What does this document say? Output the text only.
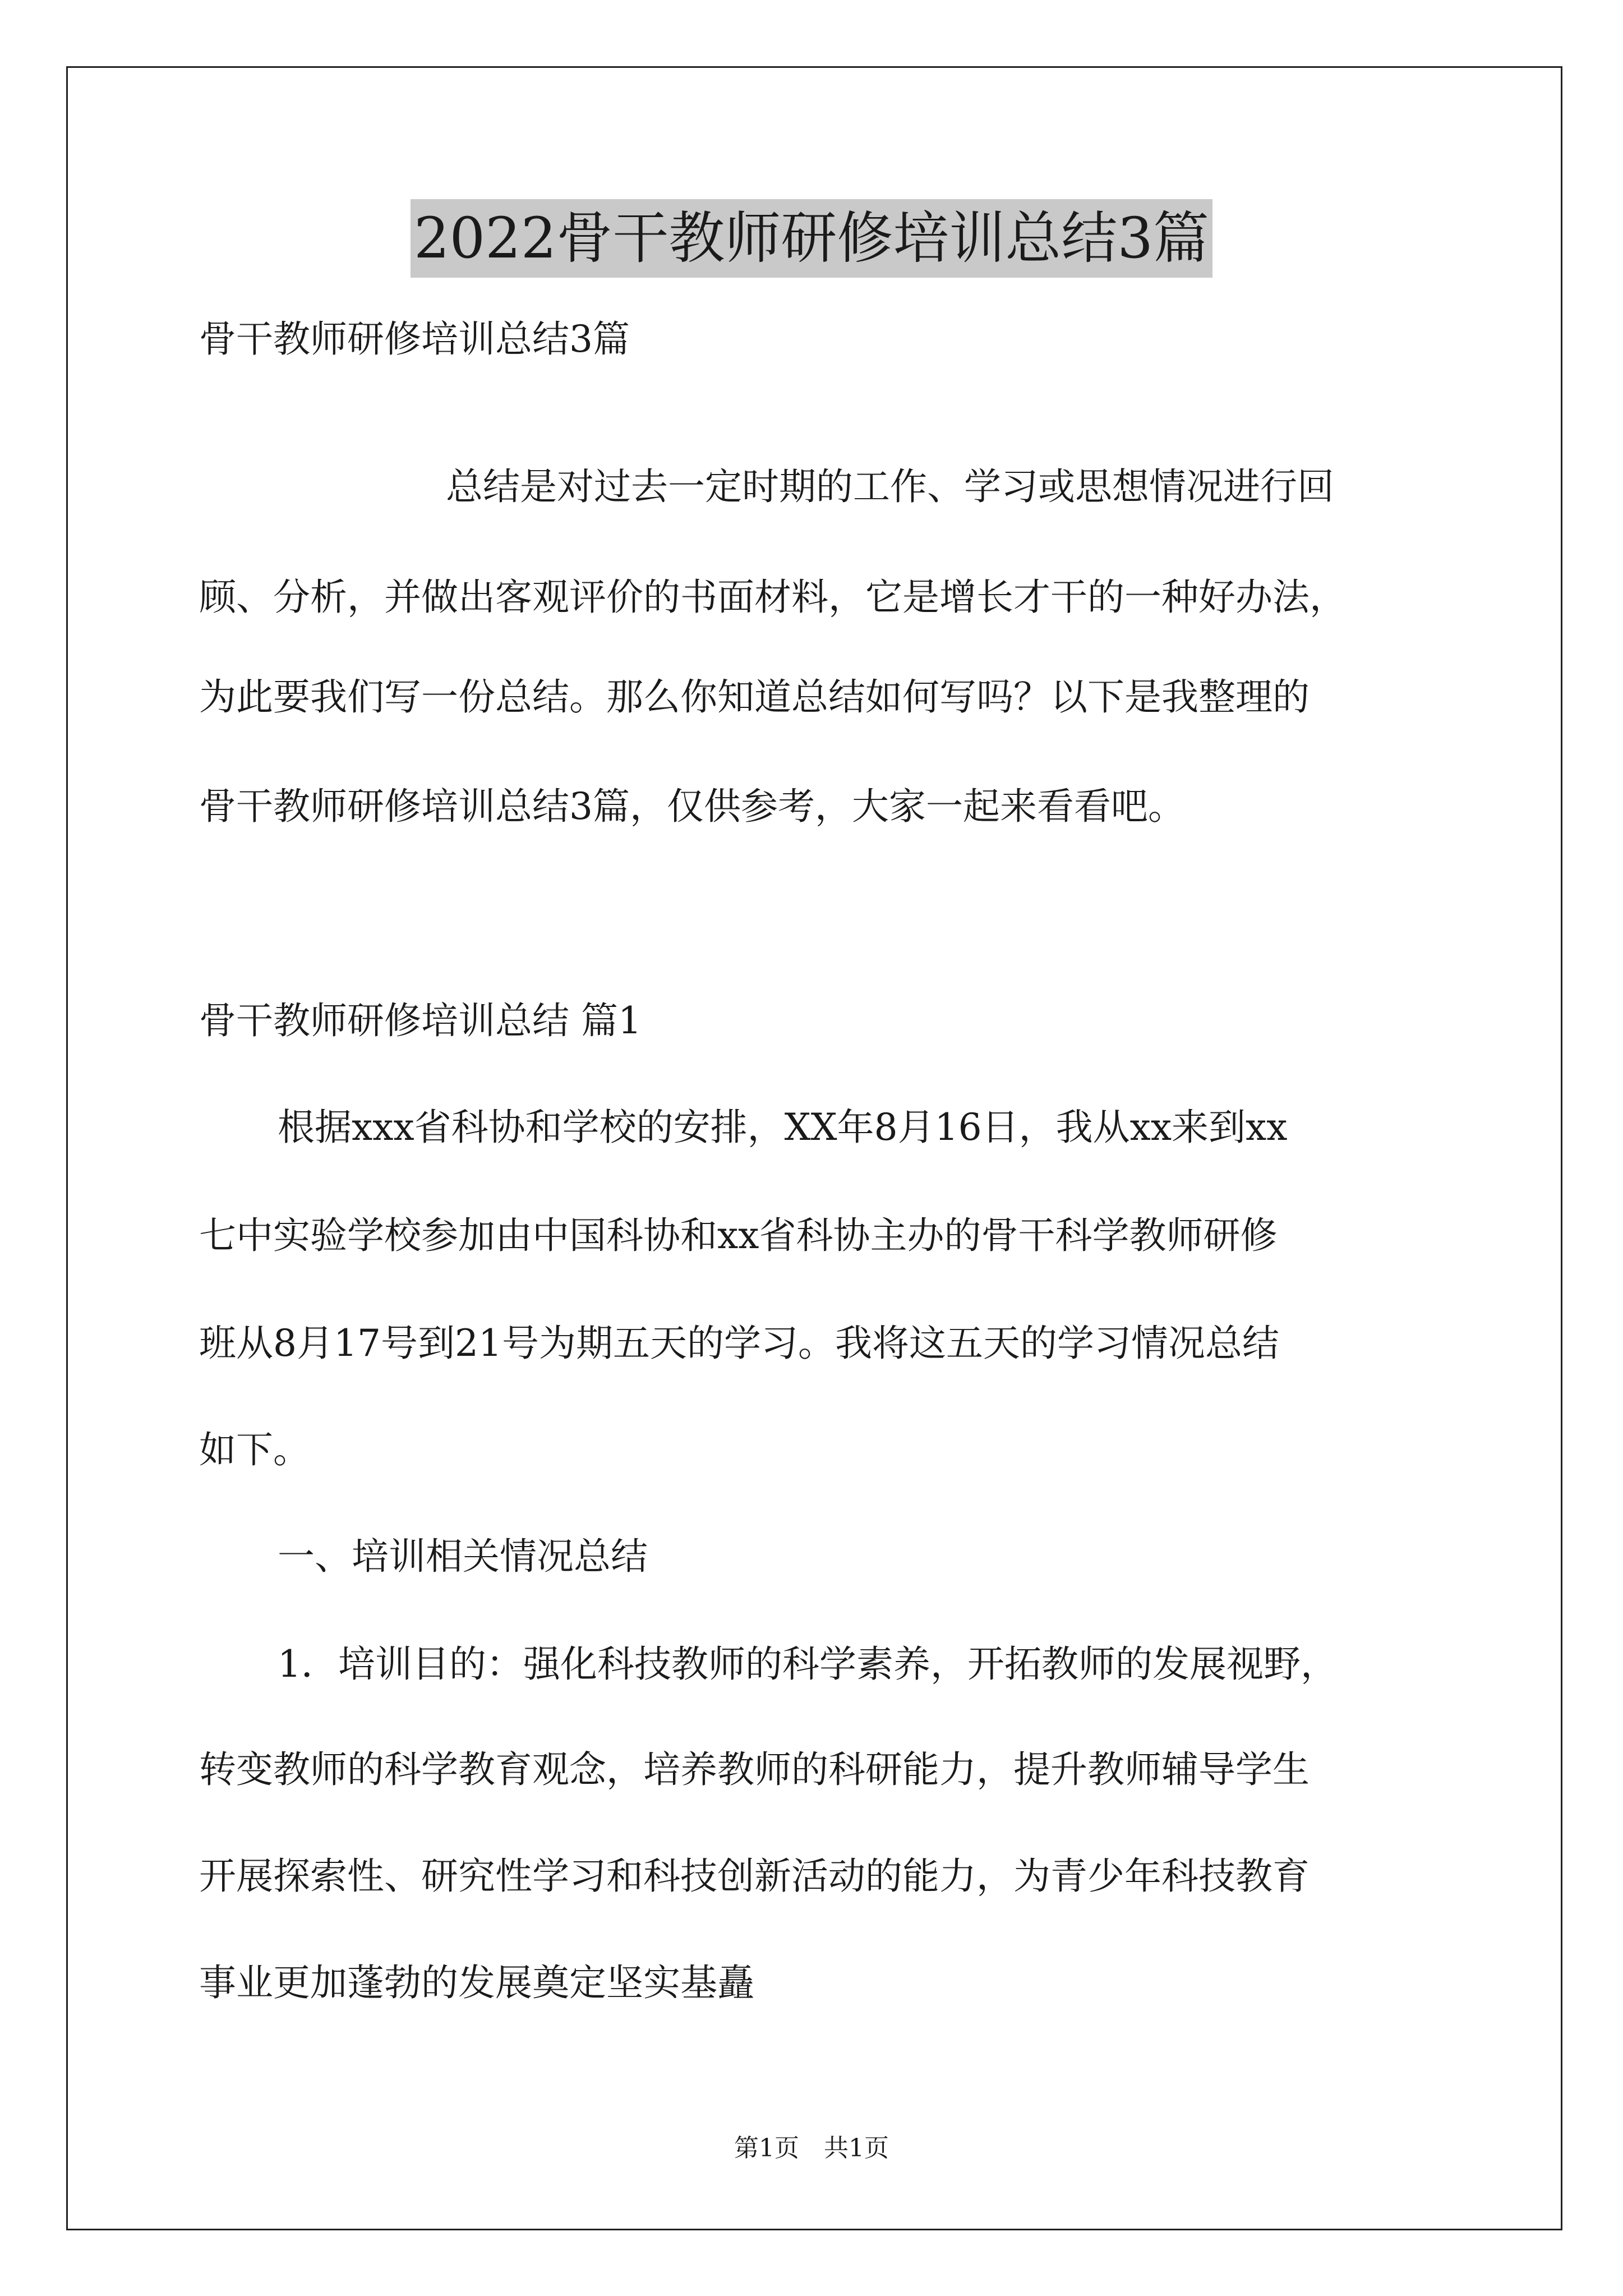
2022骨干教师研修培训总结3篇
骨干教师研修培训总结3篇
总结是对过去一定时期的工作、学习或思想情况进行回
顾、分析，并做出客观评价的书面材料，它是增长才干的一种好办法，
为此要我们写一份总结。那么你知道总结如何写吗？以下是我整理的
骨干教师研修培训总结3篇，仅供参考，大家一起来看看吧。
骨干教师研修培训总结 篇1
根据xxx省科协和学校的安排，XX年8月16日，我从xx来到xx
七中实验学校参加由中国科协和xx省科协主办的骨干科学教师研修
班从8月17号到21号为期五天的学习。我将这五天的学习情况总结
如下。
一、培训相关情况总结
1．培训目的：强化科技教师的科学素养，开拓教师的发展视野，
转变教师的科学教育观念，培养教师的科研能力，提升教师辅导学生
开展探索性、研究性学习和科技创新活动的能力，为青少年科技教育
事业更加蓬勃的发展奠定坚实基矗
第1页　共1页
